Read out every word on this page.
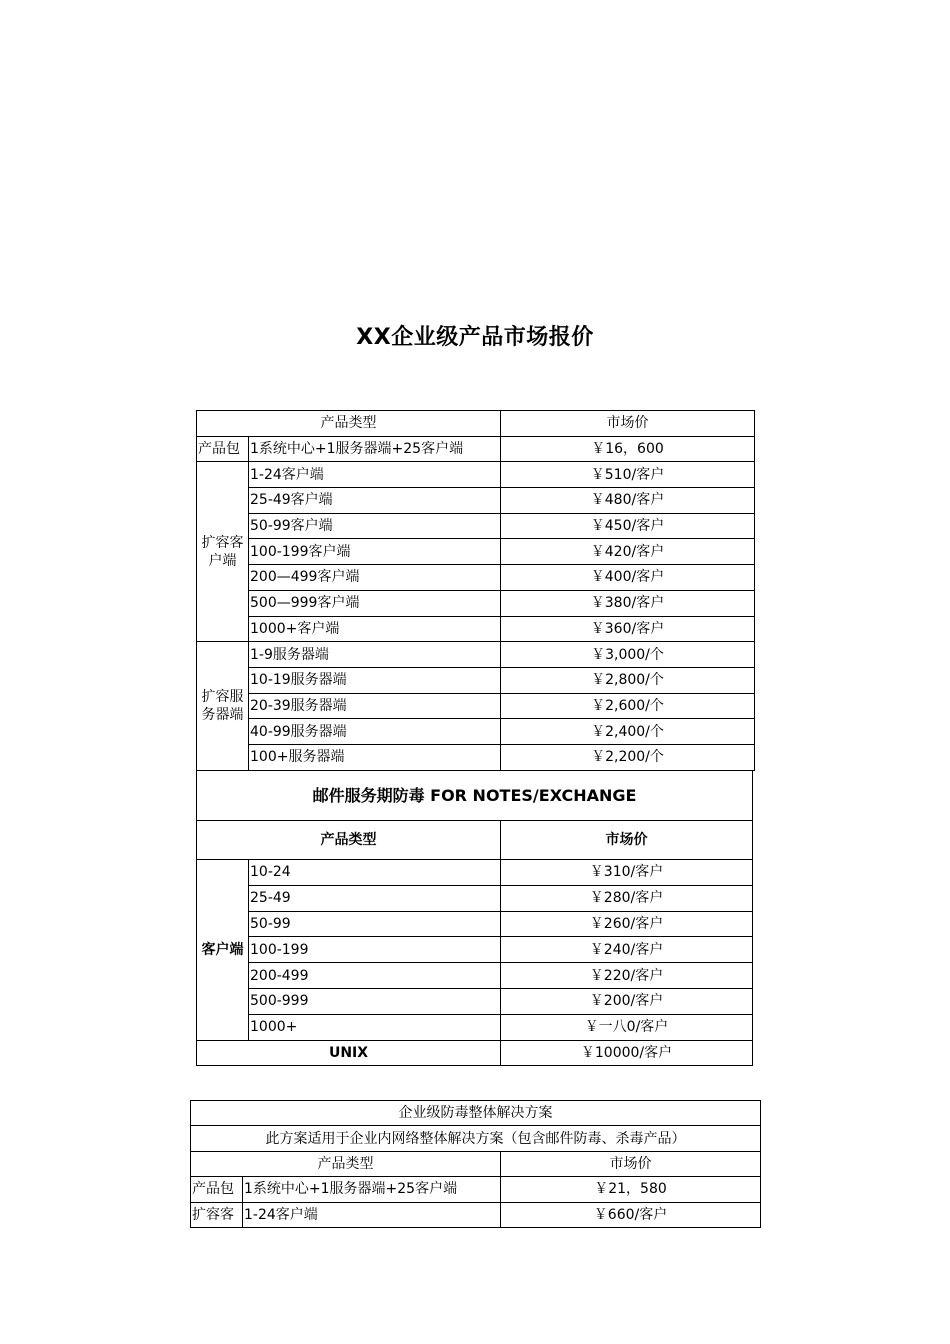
XX企业级产品市场报价
产品类型		市场价
产品包	1系统中心+1服务器端+25客户端	￥16，600
扩容客户端	1-24客户端	￥510/客户
	25-49客户端	￥480/客户
	50-99客户端	￥450/客户
	100-199客户端	￥420/客户
	200—499客户端	￥400/客户
	500—999客户端	￥380/客户
	1000+客户端	￥360/客户
扩容服务器端	1-9服务器端	￥3,000/个
	10-19服务器端	￥2,800/个
	20-39服务器端	￥2,600/个
	40-99服务器端	￥2,400/个
	100+服务器端	￥2,200/个
邮件服务期防毒 FOR NOTES/EXCHANGE		
产品类型		市场价
客户端	10-24	￥310/客户
	25-49	￥280/客户
	50-99	￥260/客户
	100-199	￥240/客户
	200-499	￥220/客户
	500-999	￥200/客户
	1000+	￥一八0/客户
UNIX		￥10000/客户
企业级防毒整体解决方案		
此方案适用于企业内网络整体解决方案（包含邮件防毒、杀毒产品）		
产品类型		市场价
产品包	1系统中心+1服务器端+25客户端	￥21，580
扩容客	1-24客户端	￥660/客户
